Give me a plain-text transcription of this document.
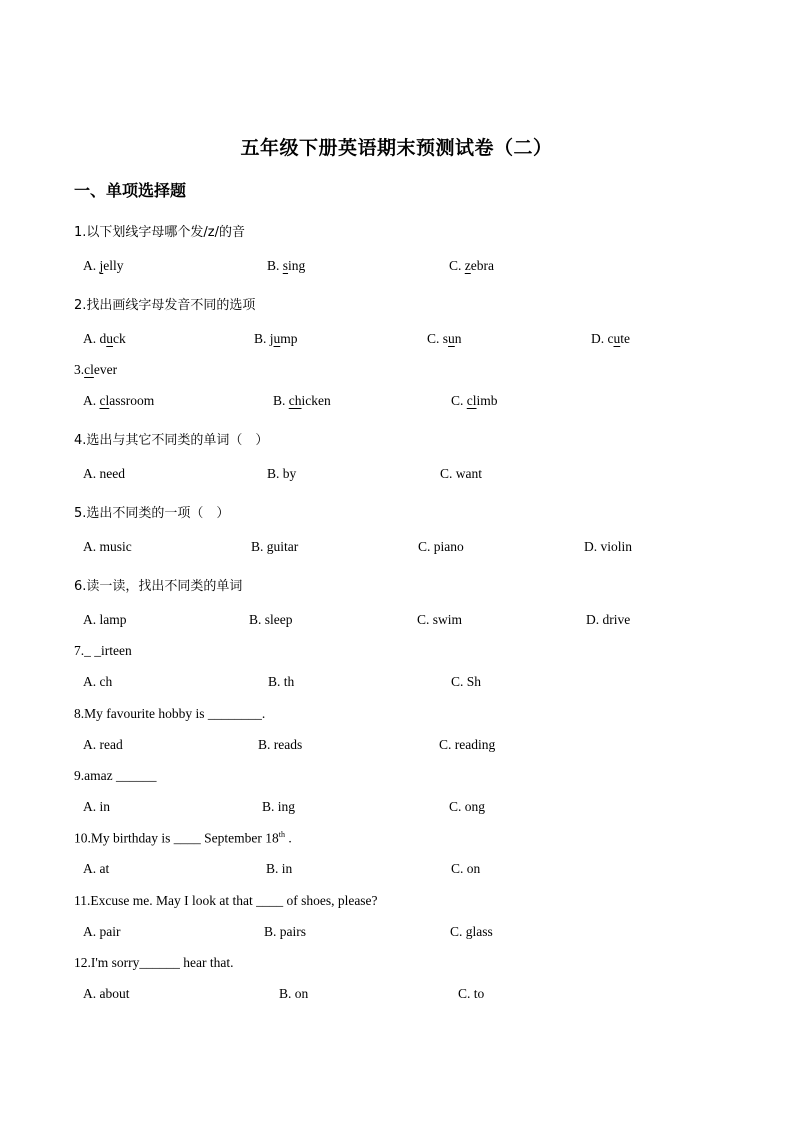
五年级下册英语期末预测试卷（二）
一、单项选择题
1.以下划线字母哪个发/z/的音
A. jelly	B. sing	C. zebra
2.找出画线字母发音不同的选项
A. duck	B. jump	C. sun	D. cute
3.clever
A. classroom	B. chicken	C. climb
4.选出与其它不同类的单词（　）
A. need	B. by	C. want
5.选出不同类的一项（　）
A. music	B. guitar	C. piano	D. violin
6.读一读，找出不同类的单词
A. lamp	B. sleep	C. swim	D. drive
7._ _irteen
A. ch	B. th	C. Sh
8.My favourite hobby is ________.
A. read	B. reads	C. reading
9.amaz ______
A. in	B. ing	C. ong
10.My birthday is ____ September 18th .
A. at	B. in	C. on
11.Excuse me. May I look at that ____ of shoes, please?
A. pair	B. pairs	C. glass
12.I'm sorry______ hear that.
A. about	B. on	C. to
